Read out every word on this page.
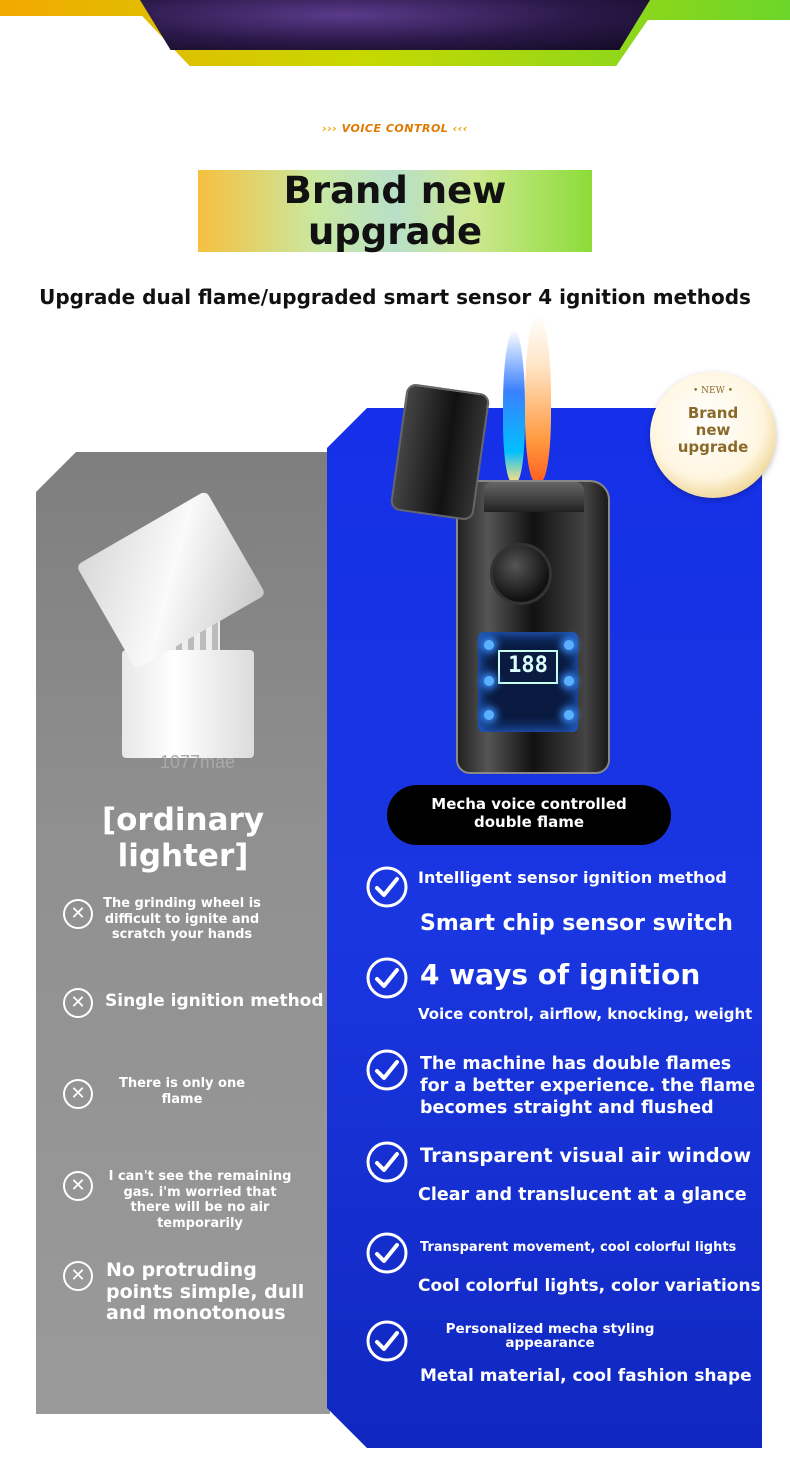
››› VOICE CONTROL ‹‹‹
Brand new
upgrade
Upgrade dual flame/upgraded smart sensor 4 ignition methods
1077mae
[ordinary lighter]
✕	The grinding wheel is difficult to ignite and scratch your hands
✕	Single ignition method
✕	There is only one flame
✕	I can't see the remaining gas. i'm worried that there will be no air temporarily
✕	No protruding points simple, dull and monotonous
188
• NEW •
Brand
new
upgrade
Mecha voice controlled
double flame
Intelligent sensor ignition method
Smart chip sensor switch
4 ways of ignition
Voice control, airflow, knocking, weight
The machine has double flames for a better experience. the flame becomes straight and flushed
Transparent visual air window
Clear and translucent at a glance
Transparent movement, cool colorful lights
Cool colorful lights, color variations
Personalized mecha styling appearance
Metal material, cool fashion shape
